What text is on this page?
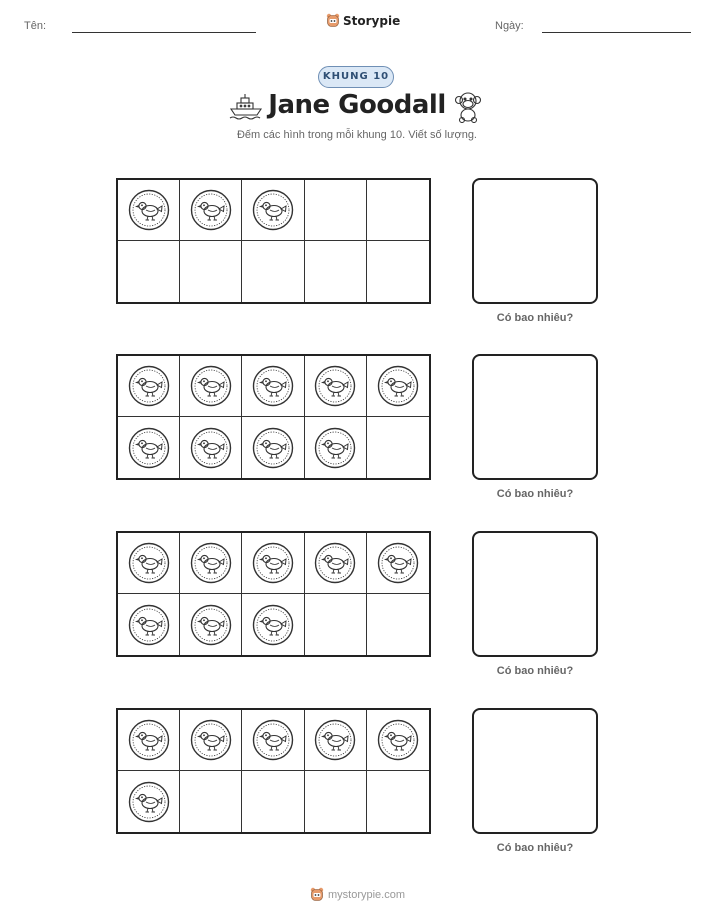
Tên:	Storypie	Ngày:
KHUNG 10
Jane Goodall
Đếm các hình trong mỗi khung 10. Viết số lượng.
Có bao nhiêu?
Có bao nhiêu?
Có bao nhiêu?
Có bao nhiêu?
mystorypie.com
